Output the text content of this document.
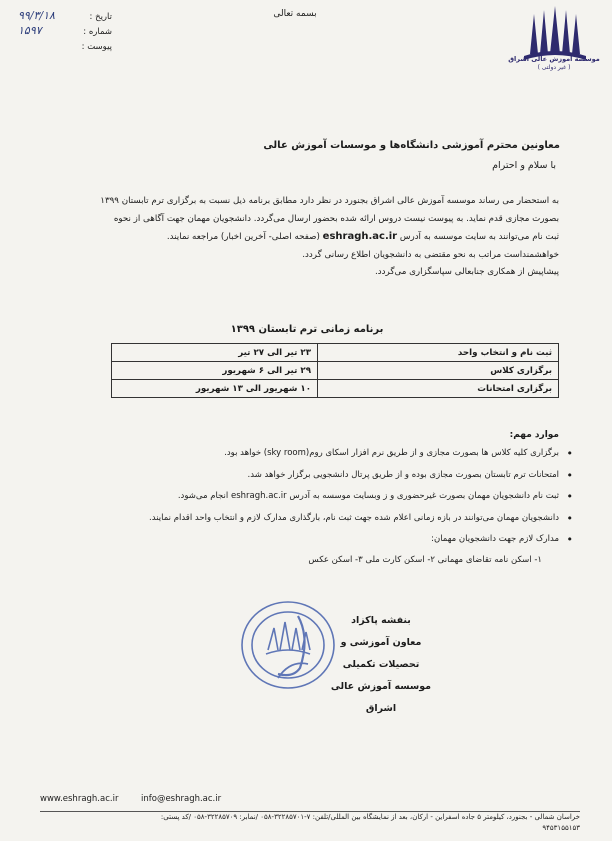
بسمه تعالی
تاریخ :
۹۹/۳/۱۸
شماره :
۱۵۹۷
پیوست :
موسسه آموزش عالی اشراق
( غیر دولتی )
معاونین محترم آموزشی دانشگاه‌ها و موسسات آموزش عالی
با سلام و احترام

به استحضار می رساند موسسه آموزش عالی اشراق بجنورد در نظر دارد مطابق برنامه ذیل نسبت به برگزاری ترم تابستان ۱۳۹۹

بصورت مجازی قدم نماید. به پیوست نیست دروس ارائه شده بحضور ارسال می‌گردد. دانشجویان مهمان جهت آگاهی از نحوه

ثبت نام می‌توانند به سایت موسسه به آدرس eshragh.ac.ir (صفحه اصلی- آخرین اخبار) مراجعه نمایند.

خواهشمنداست مراتب به نحو مقتضی به دانشجویان اطلاع رسانی گردد.

پیشاپیش از همکاری جنابعالی سپاسگزاری می‌گردد.

برنامه زمانی ترم تابستان ۱۳۹۹
ثبت نام و انتخاب واحد	۲۳ تیر الی ۲۷ تیر
برگزاری کلاس	۲۹ تیر الی ۶ شهریور
برگزاری امتحانات	۱۰ شهریور الی ۱۳ شهریور
موارد مهم:
• برگزاری کلیه کلاس ها بصورت مجازی و از طریق نرم افزار اسکای روم(sky room) خواهد بود.
• امتحانات ترم تابستان بصورت مجازی بوده و از طریق پرتال دانشجویی برگزار خواهد شد.
• ثبت نام دانشجویان مهمان بصورت غیرحضوری و ز وبسایت موسسه به آدرس eshragh.ac.ir انجام می‌شود.
• دانشجویان مهمان می‌توانند در بازه زمانی اعلام شده جهت ثبت نام، بارگذاری مدارک لازم و انتخاب واحد اقدام نمایند.
• مدارک لازم جهت دانشجویان مهمان:
۱- اسکن نامه تقاضای مهمانی ۲- اسکن کارت ملی ۳- اسکن عکس
بنفشه پاکزاد
معاون آموزشی و تحصیلات تکمیلی
موسسه آموزش عالی اشراق
www.eshragh.ac.ir	info@eshragh.ac.ir
خراسان شمالی - بجنورد، کیلومتر ۵ جاده اسفراین - ارکان، بعد از نمایشگاه بین المللی/تلفن: ۷-۳۲۲۸۵۷۰۱-۰۵۸ /نمابر: ۳۲۲۸۵۷۰۹-۰۵۸ /کد پستی:
۹۴۵۳۱۵۵۱۵۳
